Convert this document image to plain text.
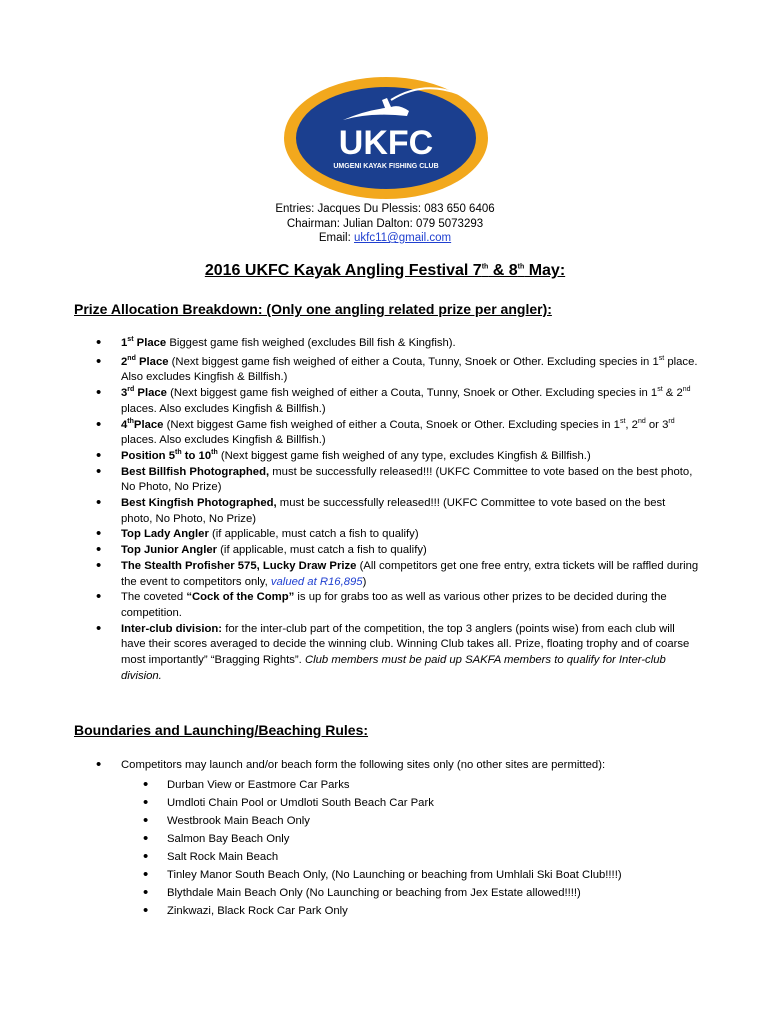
UKFC
UMGENI KAYAK FISHING CLUB
Entries: Jacques Du Plessis: 083 650 6406
Chairman: Julian Dalton: 079 5073293
Email: ukfc11@gmail.com
2016 UKFC Kayak Angling Festival 7th & 8th May:
Prize Allocation Breakdown: (Only one angling related prize per angler):
• 1st Place Biggest game fish weighed (excludes Bill fish & Kingfish).
• 2nd Place (Next biggest game fish weighed of either a Couta, Tunny, Snoek or Other. Excluding species in 1st place. Also excludes Kingfish & Billfish.)
• 3rd Place (Next biggest game fish weighed of either a Couta, Tunny, Snoek or Other. Excluding species in 1st & 2nd places. Also excludes Kingfish & Billfish.)
• 4thPlace (Next biggest Game fish weighed of either a Couta, Snoek or Other. Excluding species in 1st, 2nd or 3rd places. Also excludes Kingfish & Billfish.)
• Position 5th to 10th (Next biggest game fish weighed of any type, excludes Kingfish & Billfish.)
• Best Billfish Photographed, must be successfully released!!! (UKFC Committee to vote based on the best photo, No Photo, No Prize)
• Best Kingfish Photographed, must be successfully released!!! (UKFC Committee to vote based on the best photo, No Photo, No Prize)
• Top Lady Angler (if applicable, must catch a fish to qualify)
• Top Junior Angler (if applicable, must catch a fish to qualify)
• The Stealth Profisher 575, Lucky Draw Prize (All competitors get one free entry, extra tickets will be raffled during the event to competitors only, valued at R16,895)
• The coveted “Cock of the Comp” is up for grabs too as well as various other prizes to be decided during the competition.
• Inter-club division: for the inter-club part of the competition, the top 3 anglers (points wise) from each club will have their scores averaged to decide the winning club. Winning Club takes all. Prize, floating trophy and of coarse most importantly” “Bragging Rights”. Club members must be paid up SAKFA members to qualify for Inter-club division.
Boundaries and Launching/Beaching Rules:
• Competitors may launch and/or beach form the following sites only (no other sites are permitted):
• Durban View or Eastmore Car Parks
• Umdloti Chain Pool or Umdloti South Beach Car Park
• Westbrook Main Beach Only
• Salmon Bay Beach Only
• Salt Rock Main Beach
• Tinley Manor South Beach Only, (No Launching or beaching from Umhlali Ski Boat Club!!!!)
• Blythdale Main Beach Only (No Launching or beaching from Jex Estate allowed!!!!)
• Zinkwazi, Black Rock Car Park Only
